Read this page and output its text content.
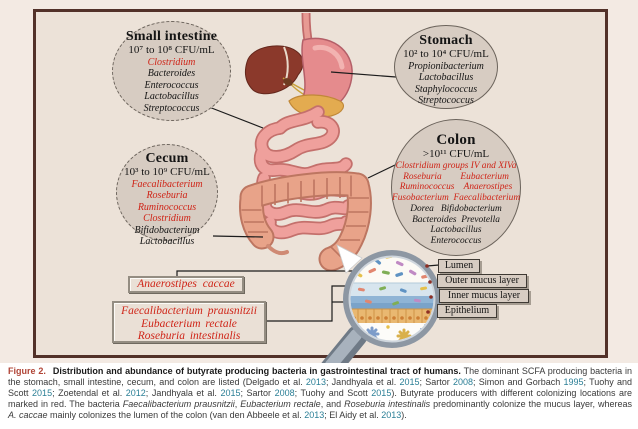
Small intestine
10⁷ to 10⁸ CFU/mL
Clostridium
Bacteroides
Enterococcus
Lactobacillus
Streptococcus
Stomach
10² to 10⁴ CFU/mL
Propionibacterium
Lactobacillus
Staphylococcus
Streptococcus
Cecum
10³ to 10⁹ CFU/mL
Faecalibacterium
Roseburia
Ruminococcus
Clostridium
Bifidobacterium
Lactobacillus
Colon
>10¹¹ CFU/mL
Clostridium groups IV and XIVa
Roseburia        Eubacterium
Ruminococcus    Anaerostipes
Fusobacterium  Faecalibacterium
Dorea   Bifidobacterium
Bacteroides  Prevotella
Lactobacillus
Enterococcus
Anaerostipes caccae
Faecalibacterium prausnitzii
Eubacterium rectale
Roseburia intestinalis
Lumen
Outer mucus layer
Inner mucus layer
Epithelium
Figure 2. Distribution and abundance of butyrate producing bacteria in gastrointestinal tract of humans. The dominant SCFA producing bacteria in the stomach, small intestine, cecum, and colon are listed (Delgado et al. 2013; Jandhyala et al. 2015; Sartor 2008; Simon and Gorbach 1995; Tuohy and Scott 2015; Zoetendal et al. 2012; Jandhyala et al. 2015; Sartor 2008; Tuohy and Scott 2015). Butyrate producers with different colonizing locations are marked in red. The bacteria Faecalibacterium prausnitzii, Eubacterium rectale, and Roseburia intestinalis predominantly colonize the mucus layer, whereas A. caccae mainly colonizes the lumen of the colon (van den Abbeele et al. 2013; El Aidy et al. 2013).
